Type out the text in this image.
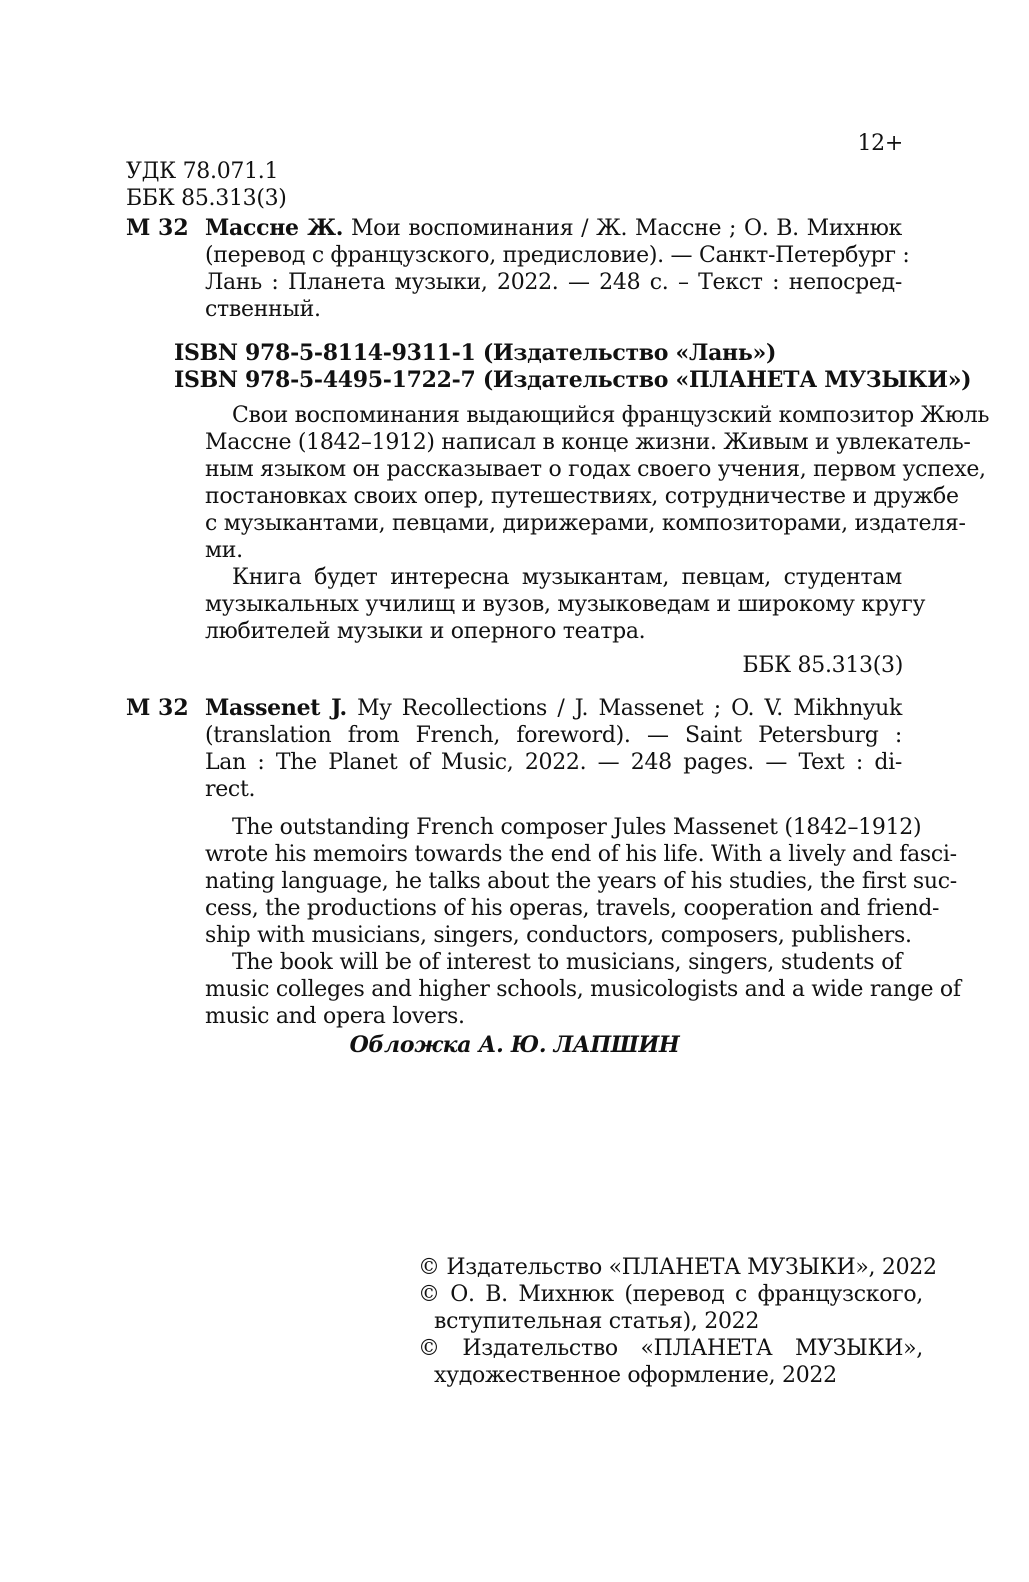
12+
УДК 78.071.1
ББК 85.313(3)
М 32 Массне Ж. Мои воспоминания / Ж. Массне ; О. В. Михнюк
(перевод с французского, предисловие). — Санкт-Петербург :
Лань : Планета музыки, 2022. — 248 с. – Текст : непосред-
ственный.
ISBN 978-5-8114-9311-1 (Издательство «Лань»)
ISBN 978-5-4495-1722-7 (Издательство «ПЛАНЕТА МУЗЫКИ»)
Свои воспоминания выдающийся французский композитор Жюль
Массне (1842–1912) написал в конце жизни. Живым и увлекатель-
ным языком он рассказывает о годах своего учения, первом успехе,
постановках своих опер, путешествиях, сотрудничестве и дружбе
с музыкантами, певцами, дирижерами, композиторами, издателя-
ми.
Книга будет интересна музыкантам, певцам, студентам
музыкальных училищ и вузов, музыковедам и широкому кругу
любителей музыки и оперного театра.
ББК 85.313(3)
M 32 Massenet J. My Recollections / J. Massenet ; O. V. Mikhnyuk
(translation from French, foreword). — Saint Petersburg :
Lan : The Planet of Music, 2022. — 248 pages. — Text : di-
rect.
The outstanding French composer Jules Massenet (1842–1912)
wrote his memoirs towards the end of his life. With a lively and fasci-
nating language, he talks about the years of his studies, the first suc-
cess, the productions of his operas, travels, cooperation and friend-
ship with musicians, singers, conductors, composers, publishers.
The book will be of interest to musicians, singers, students of
music colleges and higher schools, musicologists and a wide range of
music and opera lovers.
Обложка А. Ю. ЛАПШИН
© Издательство «ПЛАНЕТА МУЗЫКИ», 2022
© О. В. Михнюк (перевод с французского,
вступительная статья), 2022
© Издательство «ПЛАНЕТА МУЗЫКИ»,
художественное оформление, 2022
